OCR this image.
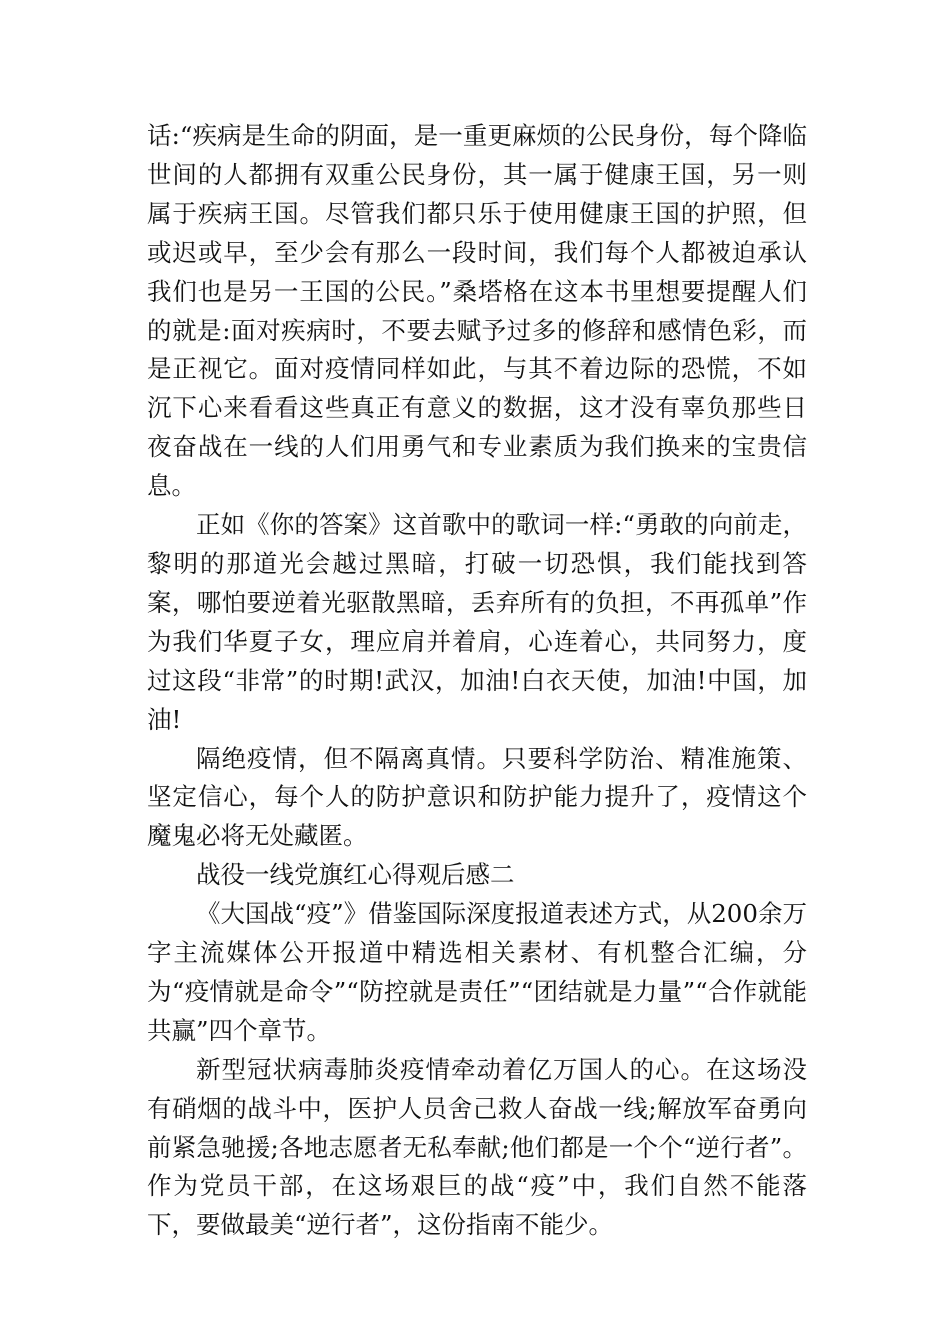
话:“疾病是生命的阴面，是一重更麻烦的公民身份，每个降临世间的人都拥有双重公民身份，其一属于健康王国，另一则属于疾病王国。尽管我们都只乐于使用健康王国的护照，但或迟或早，至少会有那么一段时间，我们每个人都被迫承认我们也是另一王国的公民。”桑塔格在这本书里想要提醒人们的就是:面对疾病时，不要去赋予过多的修辞和感情色彩，而是正视它。面对疫情同样如此，与其不着边际的恐慌，不如沉下心来看看这些真正有意义的数据，这才没有辜负那些日夜奋战在一线的人们用勇气和专业素质为我们换来的宝贵信息。

正如《你的答案》这首歌中的歌词一样:“勇敢的向前走，黎明的那道光会越过黑暗，打破一切恐惧，我们能找到答案，哪怕要逆着光驱散黑暗，丢弃所有的负担，不再孤单”作为我们华夏子女，理应肩并着肩，心连着心，共同努力，度过这段“非常”的时期!武汉，加油!白衣天使，加油!中国，加油!

隔绝疫情，但不隔离真情。只要科学防治、精准施策、坚定信心，每个人的防护意识和防护能力提升了，疫情这个魔鬼必将无处藏匿。

战役一线党旗红心得观后感二

《大国战“疫”》借鉴国际深度报道表述方式，从200余万字主流媒体公开报道中精选相关素材、有机整合汇编，分为“疫情就是命令”“防控就是责任”“团结就是力量”“合作就能共赢”四个章节。

新型冠状病毒肺炎疫情牵动着亿万国人的心。在这场没有硝烟的战斗中，医护人员舍己救人奋战一线;解放军奋勇向前紧急驰援;各地志愿者无私奉献;他们都是一个个“逆行者”。作为党员干部，在这场艰巨的战“疫”中，我们自然不能落下，要做最美“逆行者”，这份指南不能少。
